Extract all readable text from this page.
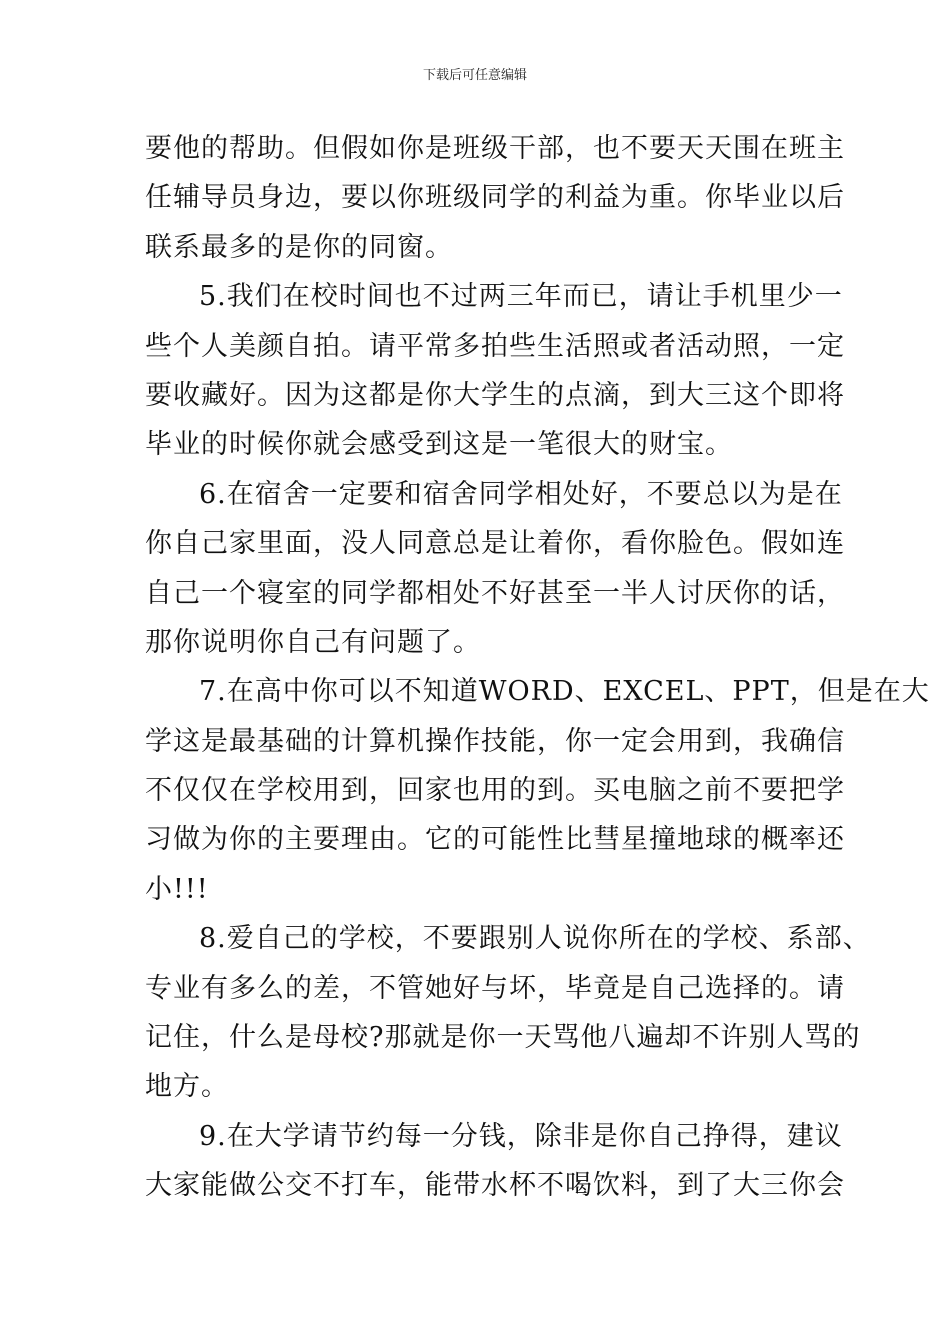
下载后可任意编辑
要他的帮助。但假如你是班级干部，也不要天天围在班主
任辅导员身边，要以你班级同学的利益为重。你毕业以后
联系最多的是你的同窗。
5.我们在校时间也不过两三年而已，请让手机里少一
些个人美颜自拍。请平常多拍些生活照或者活动照，一定
要收藏好。因为这都是你大学生的点滴，到大三这个即将
毕业的时候你就会感受到这是一笔很大的财宝。
6.在宿舍一定要和宿舍同学相处好，不要总以为是在
你自己家里面，没人同意总是让着你，看你脸色。假如连
自己一个寝室的同学都相处不好甚至一半人讨厌你的话，
那你说明你自己有问题了。
7.在高中你可以不知道WORD、EXCEL、PPT，但是在大
学这是最基础的计算机操作技能，你一定会用到，我确信
不仅仅在学校用到，回家也用的到。买电脑之前不要把学
习做为你的主要理由。它的可能性比彗星撞地球的概率还
小!!!
8.爱自己的学校，不要跟别人说你所在的学校、系部、
专业有多么的差，不管她好与坏，毕竟是自己选择的。请
记住，什么是母校?那就是你一天骂他八遍却不许别人骂的
地方。
9.在大学请节约每一分钱，除非是你自己挣得，建议
大家能做公交不打车，能带水杯不喝饮料，到了大三你会
